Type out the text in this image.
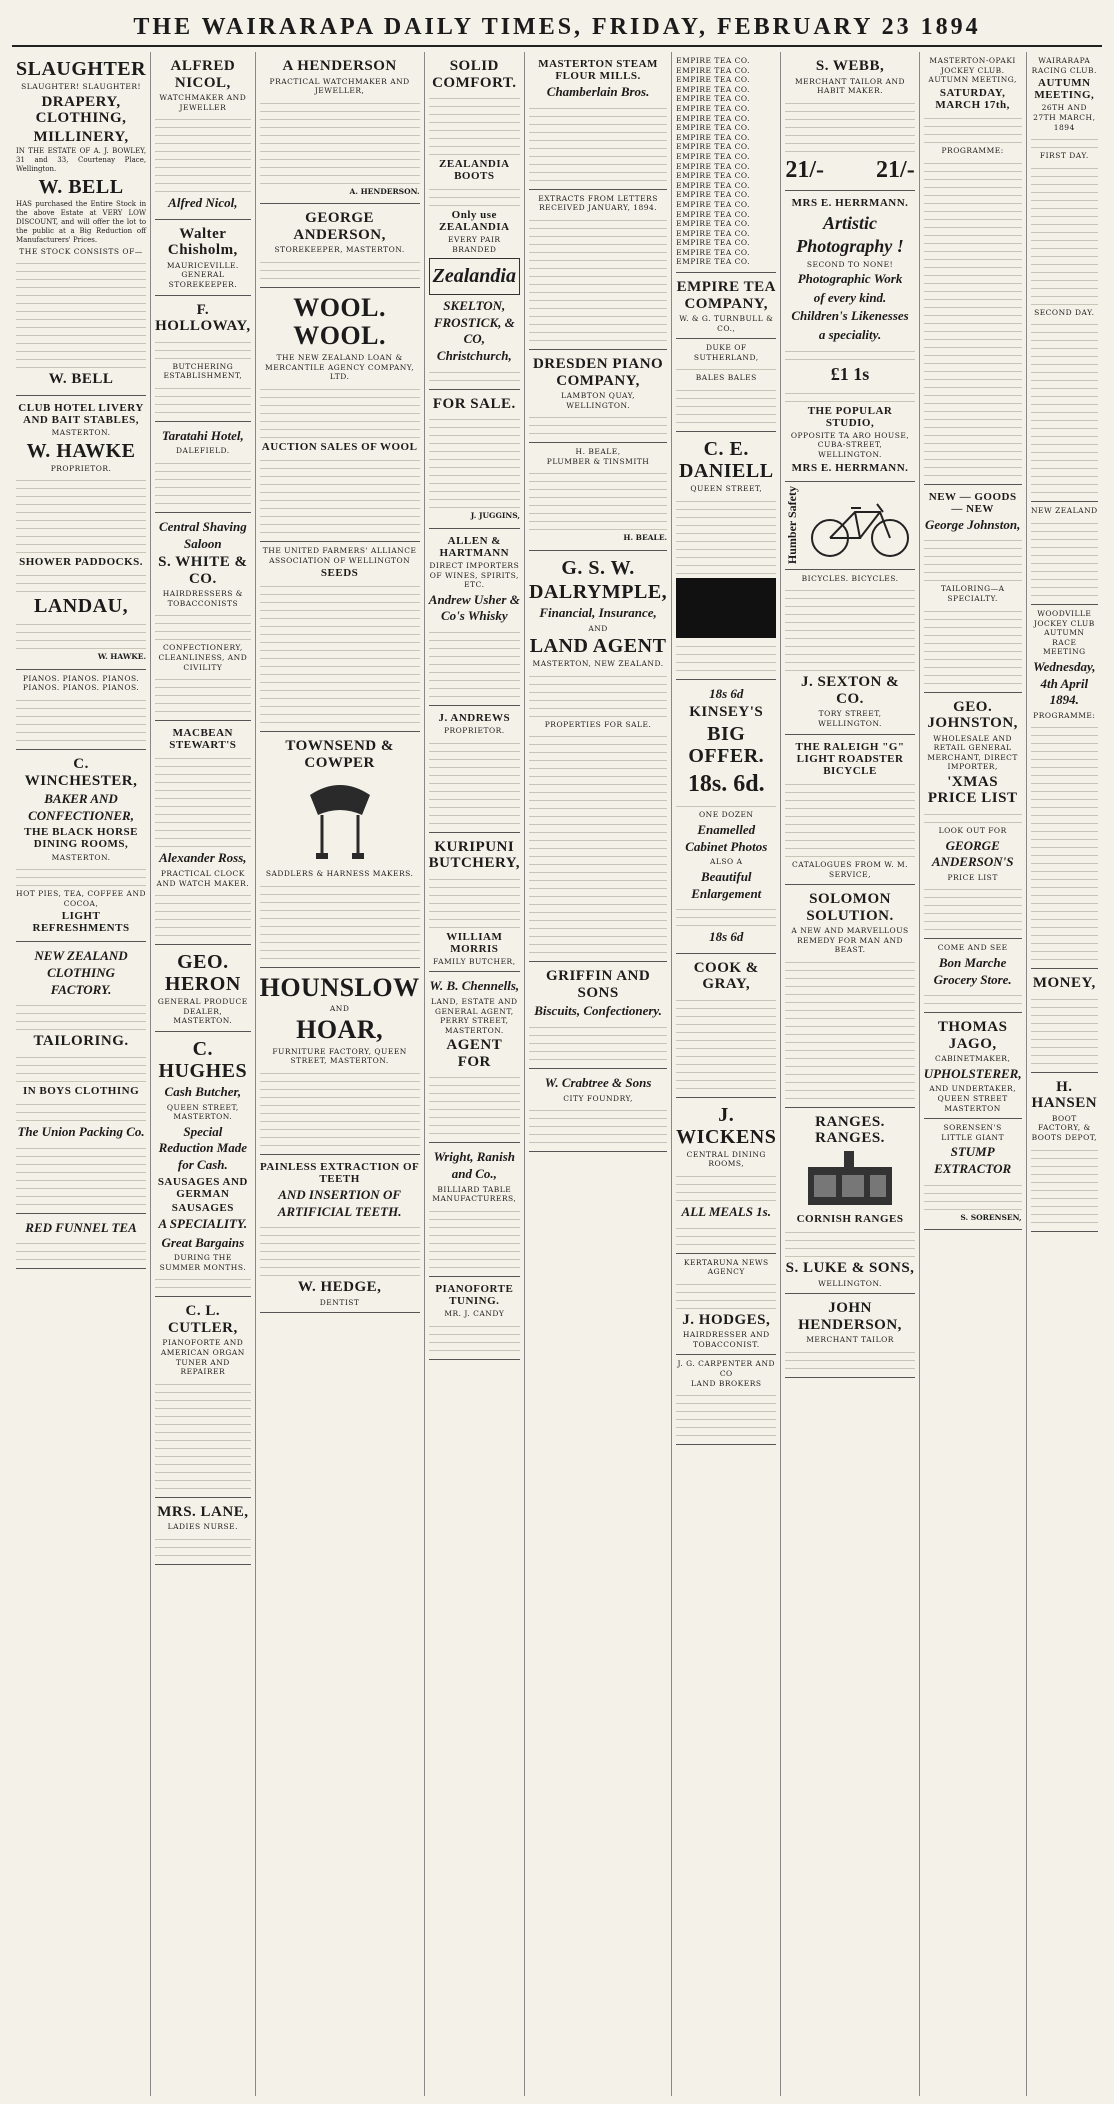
THE WAIRARAPA DAILY TIMES, FRIDAY, FEBRUARY 23 1894
SLAUGHTER
SLAUGHTER! SLAUGHTER!
DRAPERY, CLOTHING,
MILLINERY,
IN THE ESTATE OF A. J. BOWLEY, 31 and 33, Courtenay Place, Wellington.
W. BELL
HAS purchased the Entire Stock in the above Estate at VERY LOW DISCOUNT, and will offer the lot to the public at a Big Reduction off Manufacturers' Prices.
THE STOCK CONSISTS OF—
W. BELL
CLUB HOTEL LIVERY AND BAIT STABLES,
MASTERTON.
W. HAWKE
PROPRIETOR.
SHOWER PADDOCKS.
LANDAU,
W. HAWKE.
PIANOS. PIANOS. PIANOS.
PIANOS. PIANOS. PIANOS.
C. WINCHESTER,
BAKER AND CONFECTIONER,
THE BLACK HORSE DINING ROOMS,
MASTERTON.
HOT PIES, TEA, COFFEE AND COCOA,
LIGHT REFRESHMENTS
NEW ZEALAND CLOTHING FACTORY.
TAILORING.
IN BOYS CLOTHING
The Union Packing Co.
RED FUNNEL TEA
ALFRED NICOL,
WATCHMAKER AND JEWELLER
Alfred Nicol,
Walter Chisholm,
MAURICEVILLE.
GENERAL STOREKEEPER.
F. HOLLOWAY,
BUTCHERING ESTABLISHMENT,
Taratahi Hotel,
DALEFIELD.
Central Shaving Saloon
S. WHITE & CO.
HAIRDRESSERS & TOBACCONISTS
CONFECTIONERY, CLEANLINESS, AND CIVILITY
MACBEAN STEWART'S
Alexander Ross,
PRACTICAL CLOCK AND WATCH MAKER.
GEO. HERON
GENERAL PRODUCE DEALER,
MASTERTON.
C. HUGHES
Cash Butcher,
QUEEN STREET, MASTERTON.
Special Reduction Made for Cash.
SAUSAGES AND GERMAN
SAUSAGES
A SPECIALITY.
Great Bargains
DURING THE SUMMER MONTHS.
C. L. CUTLER,
PIANOFORTE AND AMERICAN ORGAN TUNER AND REPAIRER
MRS. LANE,
LADIES NURSE.
A HENDERSON
PRACTICAL WATCHMAKER AND JEWELLER,
A. HENDERSON.
GEORGE ANDERSON,
STOREKEEPER, MASTERTON.
WOOL. WOOL.
THE NEW ZEALAND LOAN & MERCANTILE AGENCY COMPANY, LTD.
AUCTION SALES OF WOOL
THE UNITED FARMERS' ALLIANCE ASSOCIATION OF WELLINGTON
SEEDS
TOWNSEND & COWPER
SADDLERS & HARNESS MAKERS.
HOUNSLOW
AND
HOAR,
FURNITURE FACTORY, QUEEN STREET, MASTERTON.
PAINLESS EXTRACTION OF TEETH
AND INSERTION OF ARTIFICIAL TEETH.
W. HEDGE,
DENTIST
SOLID COMFORT.
ZEALANDIA BOOTS
Only use ZEALANDIA
EVERY PAIR BRANDED
Zealandia
SKELTON, FROSTICK, & CO, Christchurch,
FOR SALE.
J. JUGGINS,
ALLEN & HARTMANN
DIRECT IMPORTERS OF WINES, SPIRITS, ETC.
Andrew Usher & Co's Whisky
J. ANDREWS
PROPRIETOR.
KURIPUNI BUTCHERY,
WILLIAM MORRIS
FAMILY BUTCHER,
W. B. Chennells,
LAND, ESTATE AND GENERAL AGENT, PERRY STREET, MASTERTON.
AGENT FOR
Wright, Ranish and Co.,
BILLIARD TABLE MANUFACTURERS,
PIANOFORTE TUNING.
MR. J. CANDY
MASTERTON STEAM FLOUR MILLS.
Chamberlain Bros.
EXTRACTS FROM LETTERS RECEIVED JANUARY, 1894.
DRESDEN PIANO COMPANY,
LAMBTON QUAY, WELLINGTON.
H. BEALE,
PLUMBER & TINSMITH
H. BEALE.
G. S. W.
DALRYMPLE,
Financial, Insurance,
AND
LAND AGENT
MASTERTON, NEW ZEALAND.
PROPERTIES FOR SALE.
GRIFFIN AND SONS
Biscuits, Confectionery.
W. Crabtree & Sons
CITY FOUNDRY,
EMPIRE TEA CO.
EMPIRE TEA CO.
EMPIRE TEA CO.
EMPIRE TEA CO.
EMPIRE TEA CO.
EMPIRE TEA CO.
EMPIRE TEA CO.
EMPIRE TEA CO.
EMPIRE TEA CO.
EMPIRE TEA CO.
EMPIRE TEA CO.
EMPIRE TEA CO.
EMPIRE TEA CO.
EMPIRE TEA CO.
EMPIRE TEA CO.
EMPIRE TEA CO.
EMPIRE TEA CO.
EMPIRE TEA CO.
EMPIRE TEA CO.
EMPIRE TEA CO.
EMPIRE TEA CO.
EMPIRE TEA CO.
EMPIRE TEA COMPANY,
W. & G. TURNBULL & CO.,
DUKE OF SUTHERLAND,
BALES BALES
C. E. DANIELL
QUEEN STREET,
18s 6d
KINSEY'S
BIG OFFER.
18s. 6d.
ONE DOZEN
Enamelled Cabinet Photos
ALSO A
Beautiful Enlargement
18s 6d
COOK & GRAY,
J. WICKENS
CENTRAL DINING ROOMS,
ALL MEALS 1s.
KERTARUNA NEWS AGENCY
J. HODGES,
HAIRDRESSER AND TOBACCONIST.
J. G. CARPENTER AND CO
LAND BROKERS
S. WEBB,
MERCHANT TAILOR AND HABIT MAKER.
21/- 21/-
MRS E. HERRMANN.
Artistic Photography !
SECOND TO NONE!
Photographic Work
of every kind.
Children's Likenesses
a speciality.
£1 1s
THE POPULAR STUDIO,
OPPOSITE TA ARO HOUSE, CUBA-STREET, WELLINGTON.
MRS E. HERRMANN.
Humber Safety
BICYCLES. BICYCLES.
J. SEXTON & CO.
TORY STREET, WELLINGTON.
THE RALEIGH "G" LIGHT ROADSTER BICYCLE
CATALOGUES FROM W. M. SERVICE,
SOLOMON SOLUTION.
A NEW AND MARVELLOUS REMEDY FOR MAN AND BEAST.
RANGES. RANGES.
CORNISH RANGES
S. LUKE & SONS,
WELLINGTON.
JOHN HENDERSON,
MERCHANT TAILOR
MASTERTON-OPAKI JOCKEY CLUB.
AUTUMN MEETING,
SATURDAY, MARCH 17th,
PROGRAMME:
NEW — GOODS — NEW
George Johnston,
TAILORING—A SPECIALTY.
GEO. JOHNSTON,
WHOLESALE AND RETAIL GENERAL MERCHANT, DIRECT IMPORTER,
'XMAS PRICE LIST
LOOK OUT FOR
GEORGE ANDERSON'S
PRICE LIST
COME AND SEE
Bon Marche Grocery Store.
THOMAS JAGO,
CABINETMAKER,
UPHOLSTERER,
AND UNDERTAKER,
QUEEN STREET MASTERTON
SORENSEN'S
LITTLE GIANT
STUMP EXTRACTOR
S. SORENSEN,
WAIRARAPA RACING CLUB.
AUTUMN MEETING,
26TH AND 27TH MARCH, 1894
FIRST DAY.
SECOND DAY.
NEW ZEALAND
WOODVILLE JOCKEY CLUB
AUTUMN RACE MEETING
Wednesday, 4th April 1894.
PROGRAMME:
MONEY,
H. HANSEN
BOOT FACTORY, & BOOTS DEPOT,
